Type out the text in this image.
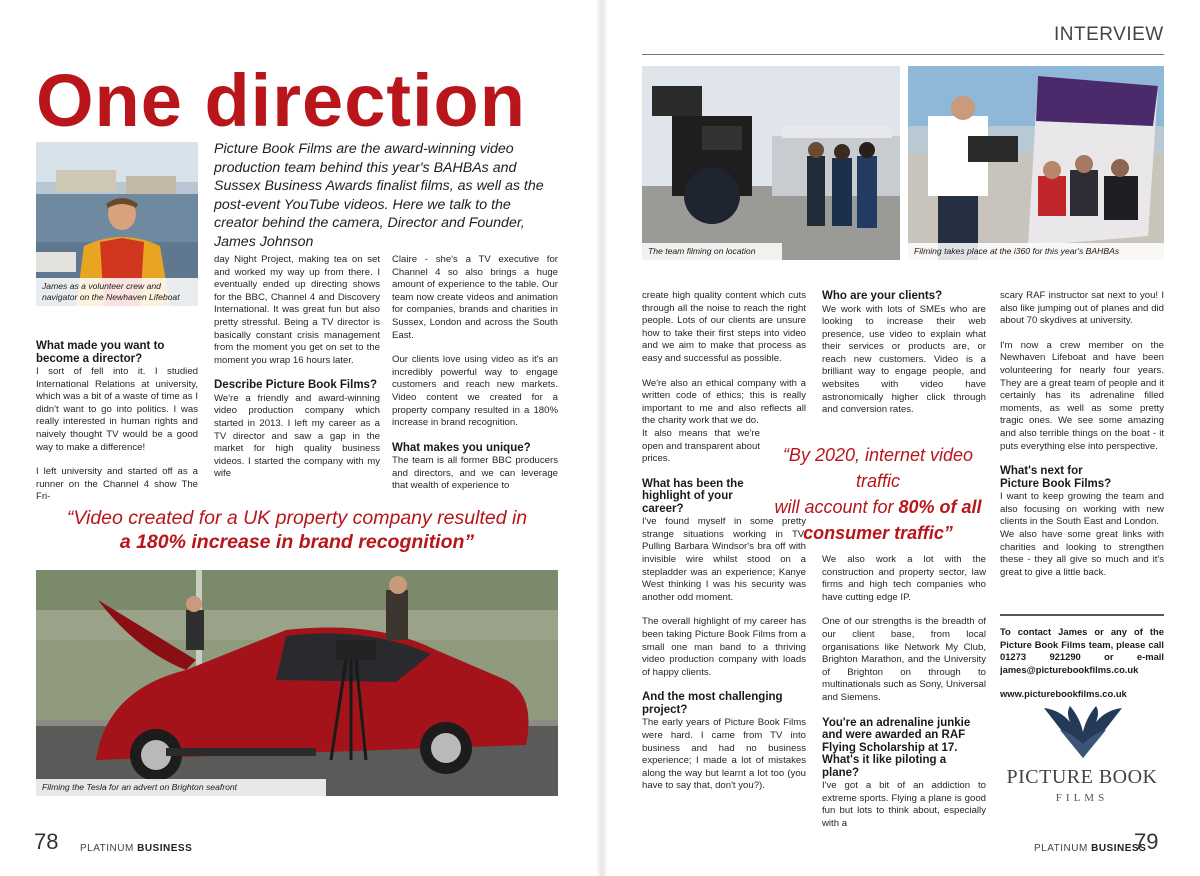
One direction
James as a volunteer crew and navigator on the Newhaven Lifeboat
Picture Book Films are the award-winning video production team behind this year's BAHBAs and Sussex Business Awards finalist films, as well as the post-event YouTube videos. Here we talk to the creator behind the camera, Director and Founder, James Johnson
What made you want to become a director?
I sort of fell into it. I studied International Relations at university, which was a bit of a waste of time as I didn't want to go into politics. I was really interested in human rights and naively thought TV would be a good way to make a difference!
I left university and started off as a runner on the Channel 4 show The Fri-
day Night Project, making tea on set and worked my way up from there. I eventually ended up directing shows for the BBC, Channel 4 and Discovery International. It was great fun but also pretty stressful. Being a TV director is basically constant crisis management from the moment you get on set to the moment you wrap 16 hours later.
Describe Picture Book Films?
We're a friendly and award-winning video production company which started in 2013. I left my career as a TV director and saw a gap in the market for high quality business videos. I started the company with my wife
Claire - she's a TV executive for Channel 4 so also brings a huge amount of experience to the table. Our team now create videos and animation for companies, brands and charities in Sussex, London and across the South East.
Our clients love using video as it's an incredibly powerful way to engage customers and reach new markets. Video content we created for a property company resulted in a 180% increase in brand recognition.
What makes you unique?
The team is all former BBC producers and directors, and we can leverage that wealth of experience to
“Video created for a UK property company resulted in
a 180% increase in brand recognition”
Filming the Tesla for an advert on Brighton seafront
78 PLATINUM BUSINESS
INTERVIEW
The team filming on location	Filming takes place at the i360 for this year's BAHBAs
create high quality content which cuts through all the noise to reach the right people. Lots of our clients are unsure how to take their first steps into video and we aim to make that process as easy and successful as possible.
We're also an ethical company with a written code of ethics; this is really important to me and also reflects all the charity work that we do.
It also means that we're open and transparent about prices.
What has been the highlight of your career?
I've found myself in some pretty strange situations working in TV. Pulling Barbara Windsor's bra off with invisible wire whilst stood on a stepladder was an experience; Kanye West thinking I was his security was another odd moment.
The overall highlight of my career has been taking Picture Book Films from a small one man band to a thriving video production company with loads of happy clients.
And the most challenging project?
The early years of Picture Book Films were hard. I came from TV into business and had no business experience; I made a lot of mistakes along the way but learnt a lot too (you have to say that, don't you?).
Who are your clients?
We work with lots of SMEs who are looking to increase their web presence, use video to explain what their services or products are, or reach new customers. Video is a brilliant way to engage people, and websites with video have astronomically higher click through and conversion rates.
We also work a lot with the construction and property sector, law firms and high tech companies who have cutting edge IP.
One of our strengths is the breadth of our client base, from local organisations like Network My Club, Brighton Marathon, and the University of Brighton on through to multinationals such as Sony, Universal and Siemens.
You're an adrenaline junkie and were awarded an RAF Flying Scholarship at 17. What's it like piloting a plane?
I've got a bit of an addiction to extreme sports. Flying a plane is good fun but lots to think about, especially with a
“By 2020, internet video traffic
will account for 80% of all
consumer traffic”
scary RAF instructor sat next to you! I also like jumping out of planes and did about 70 skydives at university.
I'm now a crew member on the Newhaven Lifeboat and have been volunteering for nearly four years. They are a great team of people and it certainly has its adrenaline filled moments, as well as some pretty tragic ones. We see some amazing and also terrible things on the boat - it puts everything else into perspective.
What's next for Picture Book Films?
I want to keep growing the team and also focusing on working with new clients in the South East and London.
We also have some great links with charities and looking to strengthen these - they all give so much and it's great to give a little back.
To contact James or any of the Picture Book Films team, please call 01273 921290 or e-mail james@picturebookfilms.co.uk
www.picturebookfilms.co.uk
PICTURE BOOK
FILMS
PLATINUM BUSINESS
79
